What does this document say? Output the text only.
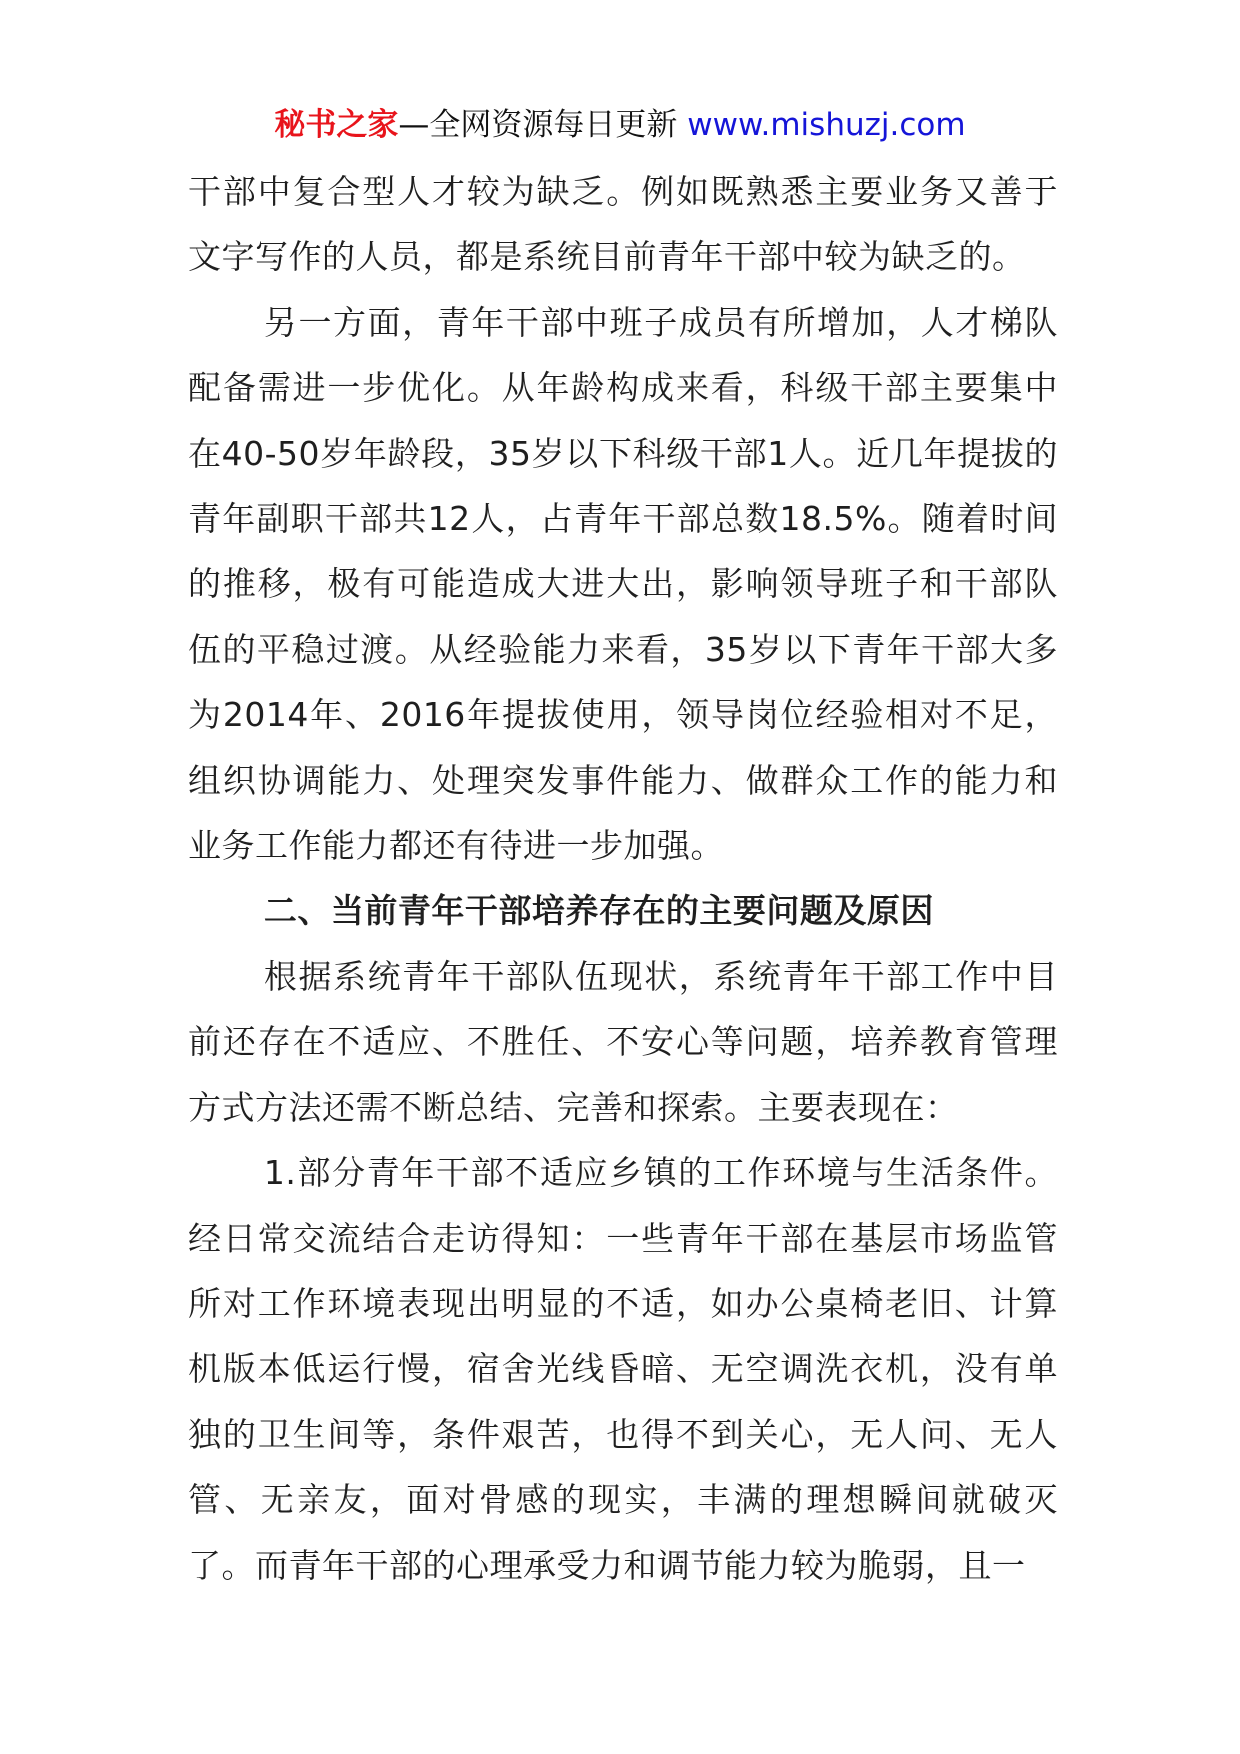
秘书之家—全网资源每日更新 www.mishuzj.com

干部中复合型人才较为缺乏。例如既熟悉主要业务又善于文字写作的人员，都是系统目前青年干部中较为缺乏的。

另一方面，青年干部中班子成员有所增加，人才梯队配备需进一步优化。从年龄构成来看，科级干部主要集中在40-50岁年龄段，35岁以下科级干部1人。近几年提拔的青年副职干部共12人，占青年干部总数18.5%。随着时间的推移，极有可能造成大进大出，影响领导班子和干部队伍的平稳过渡。从经验能力来看，35岁以下青年干部大多为2014年、2016年提拔使用，领导岗位经验相对不足，组织协调能力、处理突发事件能力、做群众工作的能力和业务工作能力都还有待进一步加强。

二、当前青年干部培养存在的主要问题及原因

根据系统青年干部队伍现状，系统青年干部工作中目前还存在不适应、不胜任、不安心等问题，培养教育管理方式方法还需不断总结、完善和探索。主要表现在：

1.部分青年干部不适应乡镇的工作环境与生活条件。经日常交流结合走访得知：一些青年干部在基层市场监管所对工作环境表现出明显的不适，如办公桌椅老旧、计算机版本低运行慢，宿舍光线昏暗、无空调洗衣机，没有单独的卫生间等，条件艰苦，也得不到关心，无人问、无人管、无亲友，面对骨感的现实，丰满的理想瞬间就破灭了。而青年干部的心理承受力和调节能力较为脆弱，且一
